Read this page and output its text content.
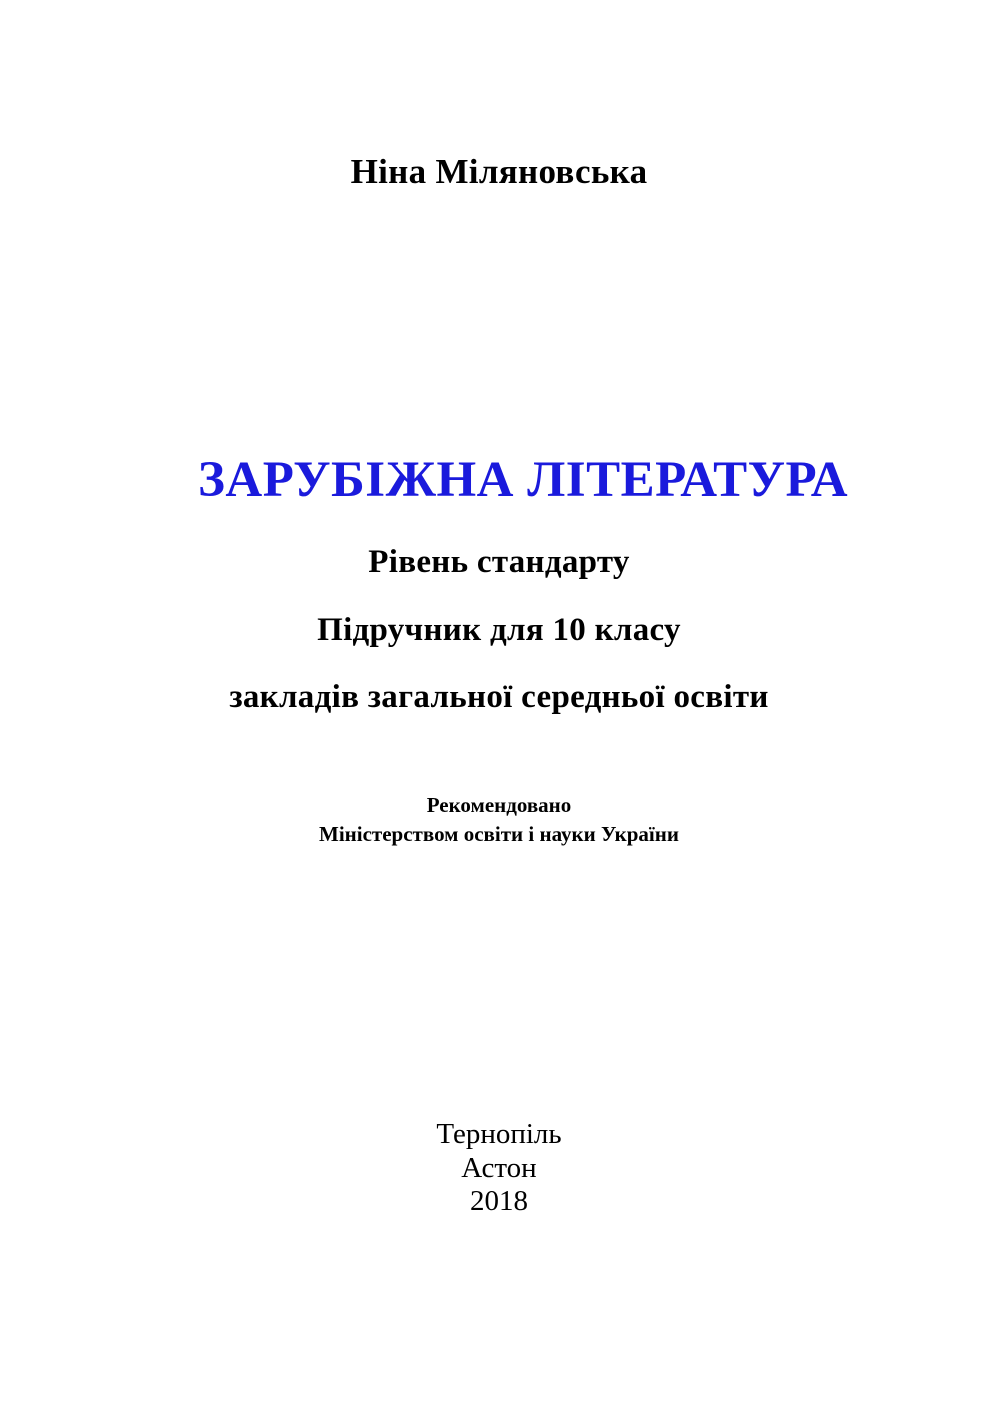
Ніна Міляновська
ЗАРУБІЖНА ЛІТЕРАТУРА
Рівень стандарту
Підручник для 10 класу
закладів загальної середньої освіти
Рекомендовано
Міністерством освіти і науки України
Тернопіль
Астон
2018
